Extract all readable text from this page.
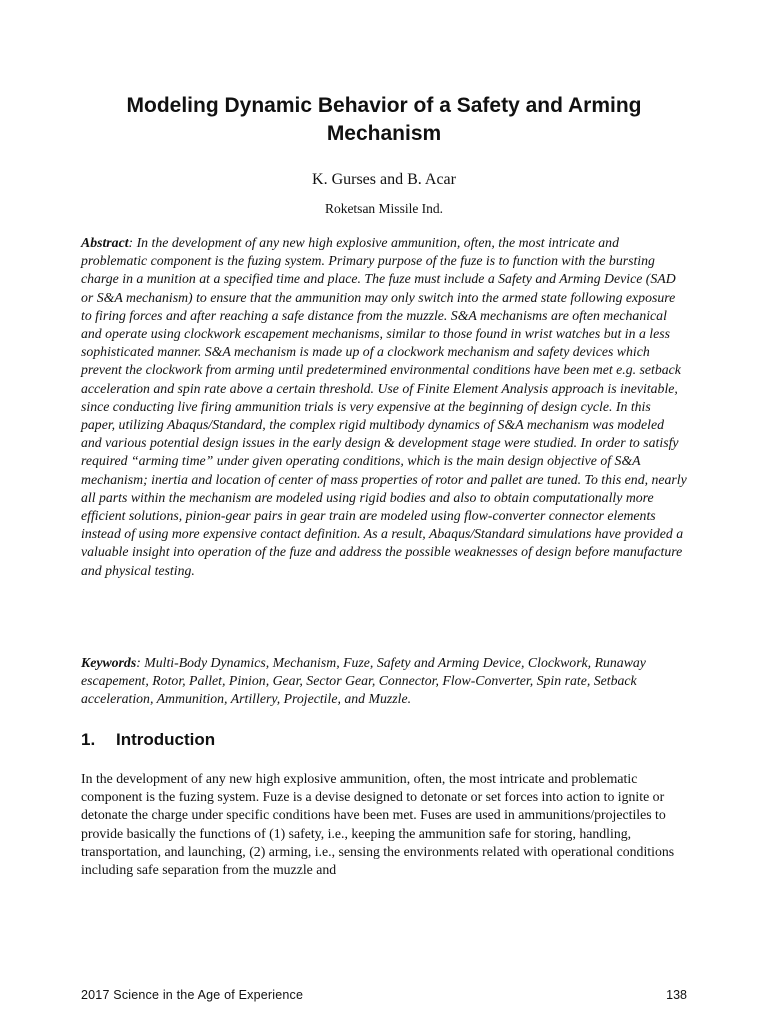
Modeling Dynamic Behavior of a Safety and Arming Mechanism
K. Gurses and B. Acar
Roketsan Missile Ind.

Abstract: In the development of any new high explosive ammunition, often, the most intricate and problematic component is the fuzing system. Primary purpose of the fuze is to function with the bursting charge in a munition at a specified time and place. The fuze must include a Safety and Arming Device (SAD or S&A mechanism) to ensure that the ammunition may only switch into the armed state following exposure to firing forces and after reaching a safe distance from the muzzle. S&A mechanisms are often mechanical and operate using clockwork escapement mechanisms, similar to those found in wrist watches but in a less sophisticated manner. S&A mechanism is made up of a clockwork mechanism and safety devices which prevent the clockwork from arming until predetermined environmental conditions have been met e.g. setback acceleration and spin rate above a certain threshold. Use of Finite Element Analysis approach is inevitable, since conducting live firing ammunition trials is very expensive at the beginning of design cycle. In this paper, utilizing Abaqus/Standard, the complex rigid multibody dynamics of S&A mechanism was modeled and various potential design issues in the early design & development stage were studied. In order to satisfy required “arming time” under given operating conditions, which is the main design objective of S&A mechanism; inertia and location of center of mass properties of rotor and pallet are tuned. To this end, nearly all parts within the mechanism are modeled using rigid bodies and also to obtain computationally more efficient solutions, pinion-gear pairs in gear train are modeled using flow-converter connector elements instead of using more expensive contact definition. As a result, Abaqus/Standard simulations have provided a valuable insight into operation of the fuze and address the possible weaknesses of design before manufacture and physical testing.

Keywords: Multi-Body Dynamics, Mechanism, Fuze, Safety and Arming Device, Clockwork, Runaway escapement, Rotor, Pallet, Pinion, Gear, Sector Gear, Connector, Flow-Converter, Spin rate, Setback acceleration, Ammunition, Artillery, Projectile, and Muzzle.

1. Introduction

In the development of any new high explosive ammunition, often, the most intricate and problematic component is the fuzing system. Fuze is a devise designed to detonate or set forces into action to ignite or detonate the charge under specific conditions have been met. Fuses are used in ammunitions/projectiles to provide basically the functions of (1) safety, i.e., keeping the ammunition safe for storing, handling, transportation, and launching, (2) arming, i.e., sensing the environments related with operational conditions including safe separation from the muzzle and

2017 Science in the Age of Experience	138
